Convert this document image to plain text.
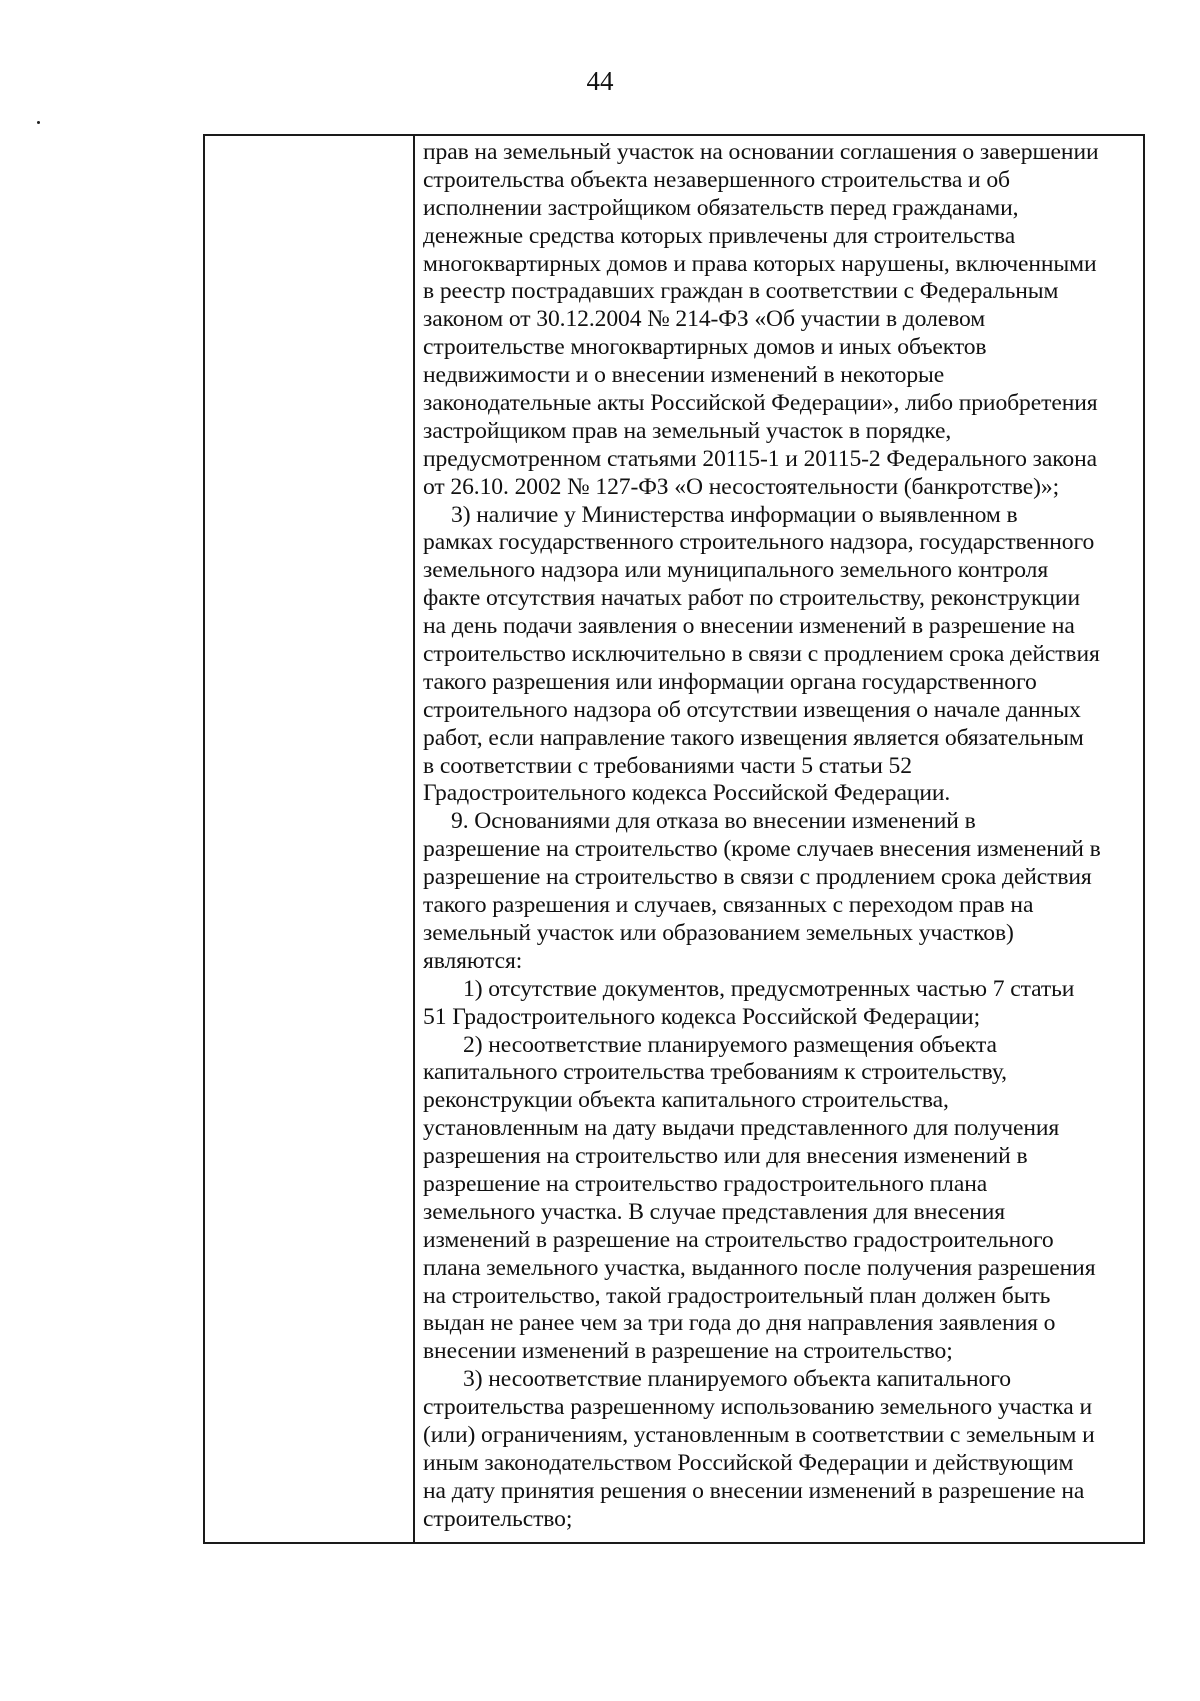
44
прав на земельный участок на основании соглашения о завершении
строительства объекта незавершенного строительства и об
исполнении застройщиком обязательств перед гражданами,
денежные средства которых привлечены для строительства
многоквартирных домов и права которых нарушены, включенными
в реестр пострадавших граждан в соответствии с Федеральным
законом от 30.12.2004 № 214-ФЗ «Об участии в долевом
строительстве многоквартирных домов и иных объектов
недвижимости и о внесении изменений в некоторые
законодательные акты Российской Федерации», либо приобретения
застройщиком прав на земельный участок в порядке,
предусмотренном статьями 20115-1 и 20115-2 Федерального закона
от 26.10. 2002 № 127-ФЗ «О несостоятельности (банкротстве)»;
3) наличие у Министерства информации о выявленном в
рамках государственного строительного надзора, государственного
земельного надзора или муниципального земельного контроля
факте отсутствия начатых работ по строительству, реконструкции
на день подачи заявления о внесении изменений в разрешение на
строительство исключительно в связи с продлением срока действия
такого разрешения или информации органа государственного
строительного надзора об отсутствии извещения о начале данных
работ, если направление такого извещения является обязательным
в соответствии с требованиями части 5 статьи 52
Градостроительного кодекса Российской Федерации.
9. Основаниями для отказа во внесении изменений в
разрешение на строительство (кроме случаев внесения изменений в
разрешение на строительство в связи с продлением срока действия
такого разрешения и случаев, связанных с переходом прав на
земельный участок или образованием земельных участков)
являются:
1) отсутствие документов, предусмотренных частью 7 статьи
51 Градостроительного кодекса Российской Федерации;
2) несоответствие планируемого размещения объекта
капитального строительства требованиям к строительству,
реконструкции объекта капитального строительства,
установленным на дату выдачи представленного для получения
разрешения на строительство или для внесения изменений в
разрешение на строительство градостроительного плана
земельного участка. В случае представления для внесения
изменений в разрешение на строительство градостроительного
плана земельного участка, выданного после получения разрешения
на строительство, такой градостроительный план должен быть
выдан не ранее чем за три года до дня направления заявления о
внесении изменений в разрешение на строительство;
3) несоответствие планируемого объекта капитального
строительства разрешенному использованию земельного участка и
(или) ограничениям, установленным в соответствии с земельным и
иным законодательством Российской Федерации и действующим
на дату принятия решения о внесении изменений в разрешение на
строительство;
